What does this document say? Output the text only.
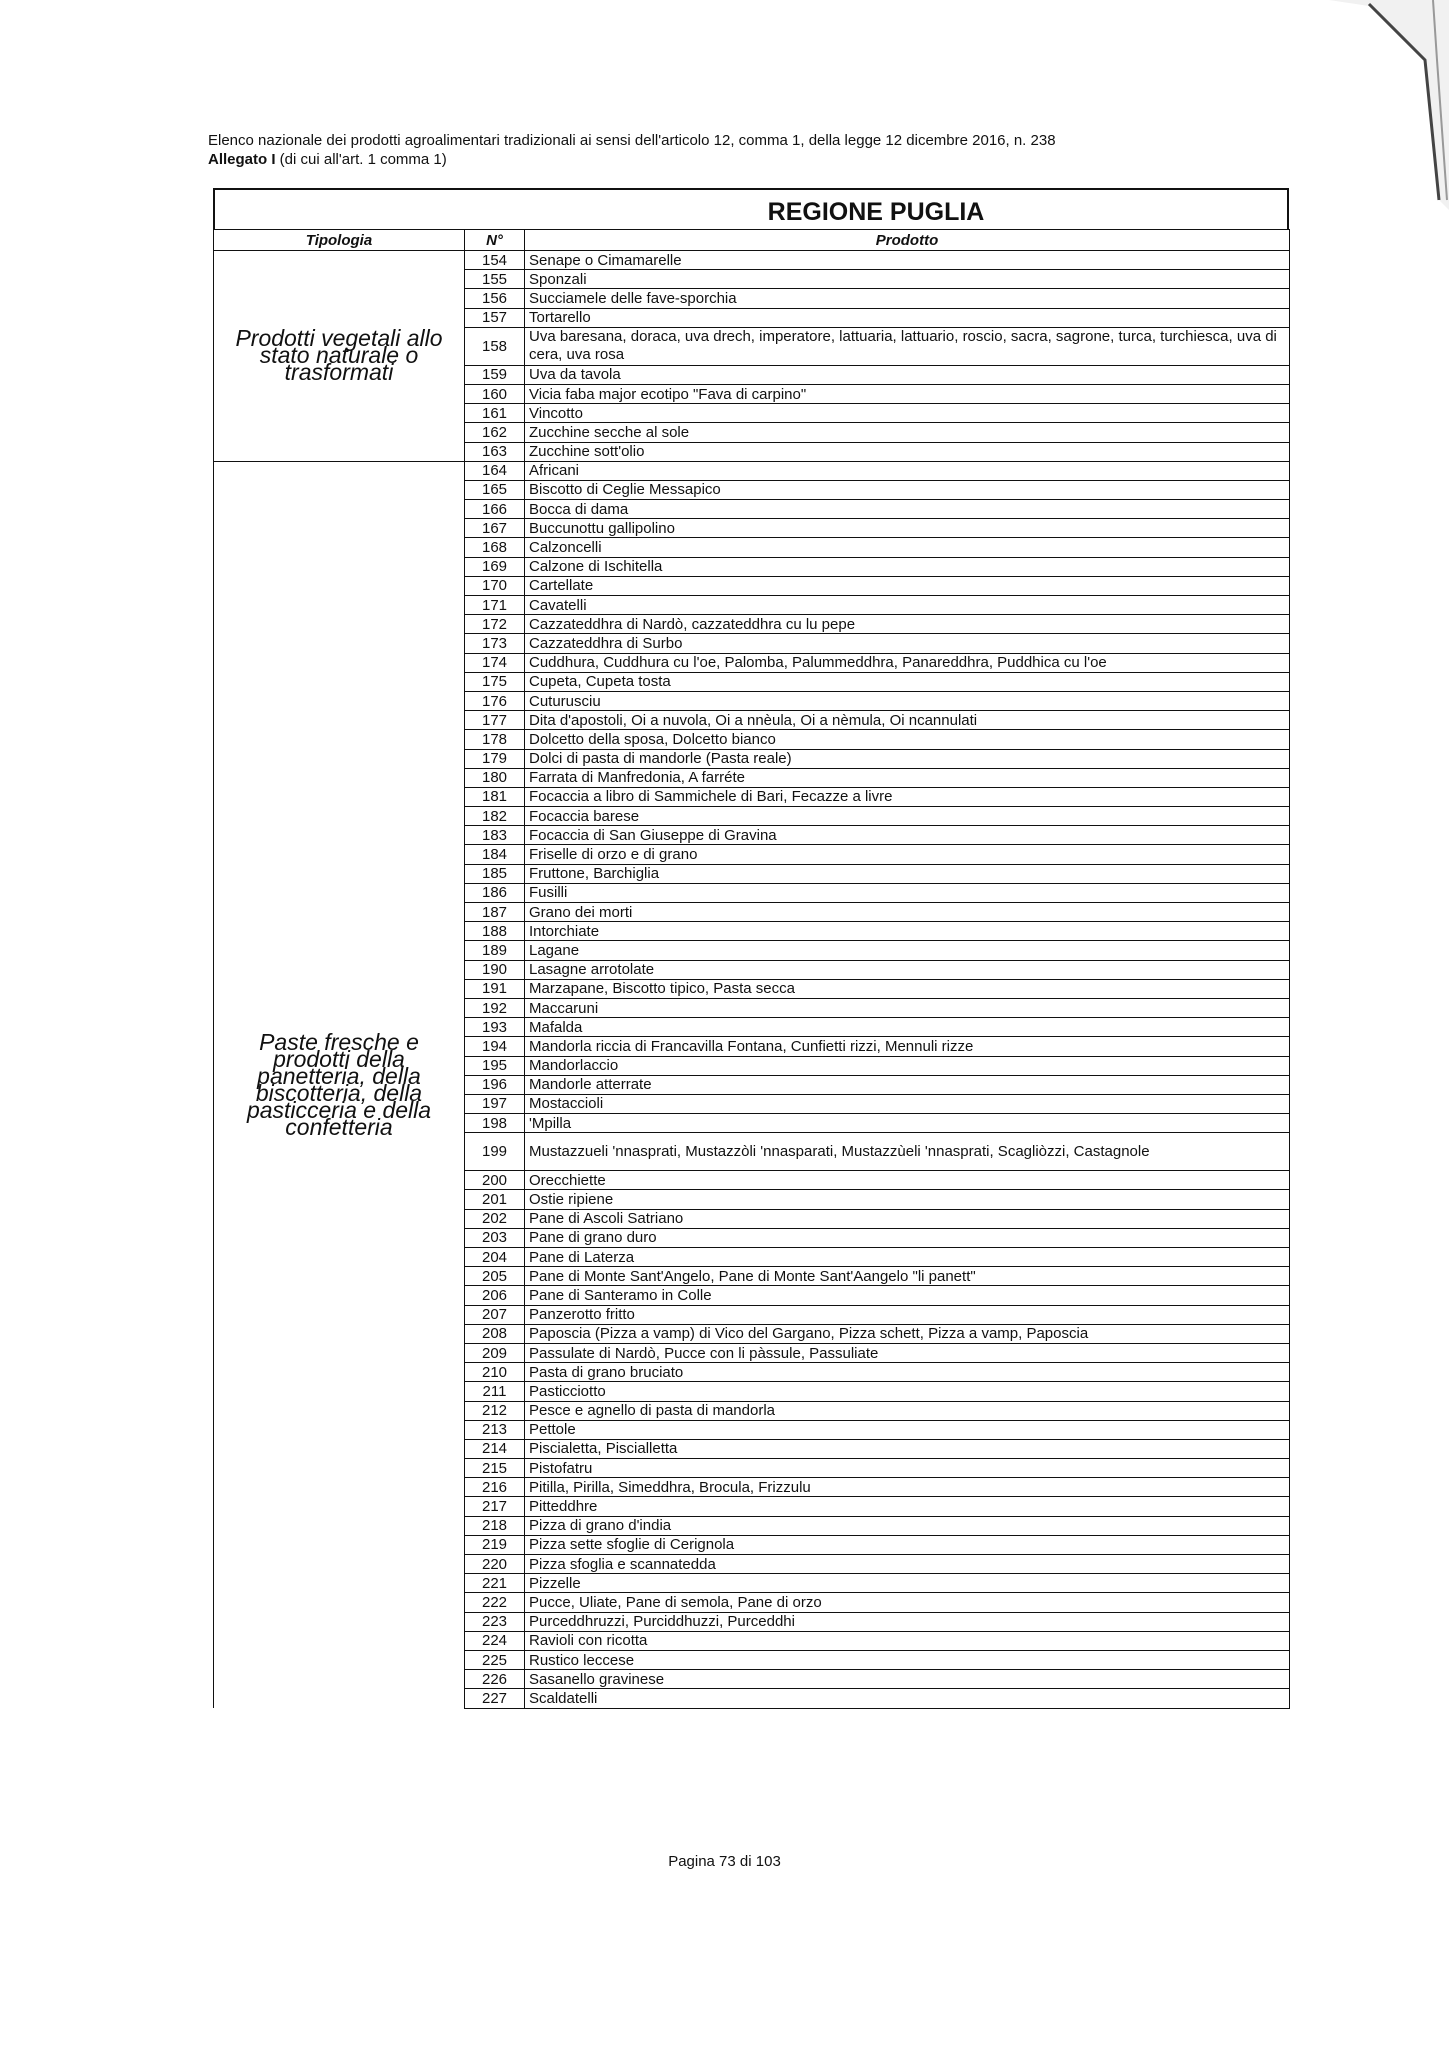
Elenco nazionale dei prodotti agroalimentari tradizionali ai sensi dell'articolo 12, comma 1, della legge 12 dicembre 2016, n. 238
Allegato I (di cui all'art. 1 comma 1)
REGIONE PUGLIA
Tipologia	N°	Prodotto
Prodotti vegetali allo stato naturale o trasformati	154	Senape o Cimamarelle
	155	Sponzali
	156	Succiamele delle fave-sporchia
	157	Tortarello
	158	Uva baresana, doraca, uva drech, imperatore, lattuaria, lattuario, roscio, sacra, sagrone, turca, turchiesca, uva di cera, uva rosa
	159	Uva da tavola
	160	Vicia faba major ecotipo "Fava di carpino"
	161	Vincotto
	162	Zucchine secche al sole
	163	Zucchine sott'olio
Paste fresche e prodotti della panetteria, della biscotteria, della pasticceria e della confetteria	164	Africani
	165	Biscotto di Ceglie Messapico
	166	Bocca di dama
	167	Buccunottu gallipolino
	168	Calzoncelli
	169	Calzone di Ischitella
	170	Cartellate
	171	Cavatelli
	172	Cazzateddhra di Nardò, cazzateddhra cu lu pepe
	173	Cazzateddhra di Surbo
	174	Cuddhura, Cuddhura cu l'oe, Palomba, Palummeddhra, Panareddhra, Puddhica cu l'oe
	175	Cupeta, Cupeta tosta
	176	Cuturusciu
	177	Dita d'apostoli, Oi a nuvola, Oi a nnèula, Oi a nèmula, Oi ncannulati
	178	Dolcetto della sposa, Dolcetto bianco
	179	Dolci di pasta di mandorle (Pasta reale)
	180	Farrata di Manfredonia, A farréte
	181	Focaccia a libro di Sammichele di Bari, Fecazze a livre
	182	Focaccia barese
	183	Focaccia di San Giuseppe di Gravina
	184	Friselle di orzo e di grano
	185	Fruttone, Barchiglia
	186	Fusilli
	187	Grano dei morti
	188	Intorchiate
	189	Lagane
	190	Lasagne arrotolate
	191	Marzapane, Biscotto tipico, Pasta secca
	192	Maccaruni
	193	Mafalda
	194	Mandorla riccia di Francavilla Fontana, Cunfietti rizzi, Mennuli rizze
	195	Mandorlaccio
	196	Mandorle atterrate
	197	Mostaccioli
	198	'Mpilla
	199	Mustazzueli 'nnasprati, Mustazzòli 'nnasparati, Mustazzùeli 'nnasprati, Scagliòzzi, Castagnole
	200	Orecchiette
	201	Ostie ripiene
	202	Pane di Ascoli Satriano
	203	Pane di grano duro
	204	Pane di Laterza
	205	Pane di Monte Sant'Angelo, Pane di Monte Sant'Aangelo "li panett"
	206	Pane di Santeramo in Colle
	207	Panzerotto fritto
	208	Paposcia (Pizza a vamp) di Vico del Gargano, Pizza schett, Pizza a vamp, Paposcia
	209	Passulate di Nardò, Pucce con li pàssule, Passuliate
	210	Pasta di grano bruciato
	211	Pasticciotto
	212	Pesce e agnello di pasta di mandorla
	213	Pettole
	214	Piscialetta, Piscialletta
	215	Pistofatru
	216	Pitilla, Pirilla, Simeddhra, Brocula, Frizzulu
	217	Pitteddhre
	218	Pizza di grano d'india
	219	Pizza sette sfoglie di Cerignola
	220	Pizza sfoglia e scannatedda
	221	Pizzelle
	222	Pucce, Uliate, Pane di semola, Pane di orzo
	223	Purceddhruzzi, Purciddhuzzi, Purceddhi
	224	Ravioli con ricotta
	225	Rustico leccese
	226	Sasanello gravinese
	227	Scaldatelli
Pagina 73 di 103
